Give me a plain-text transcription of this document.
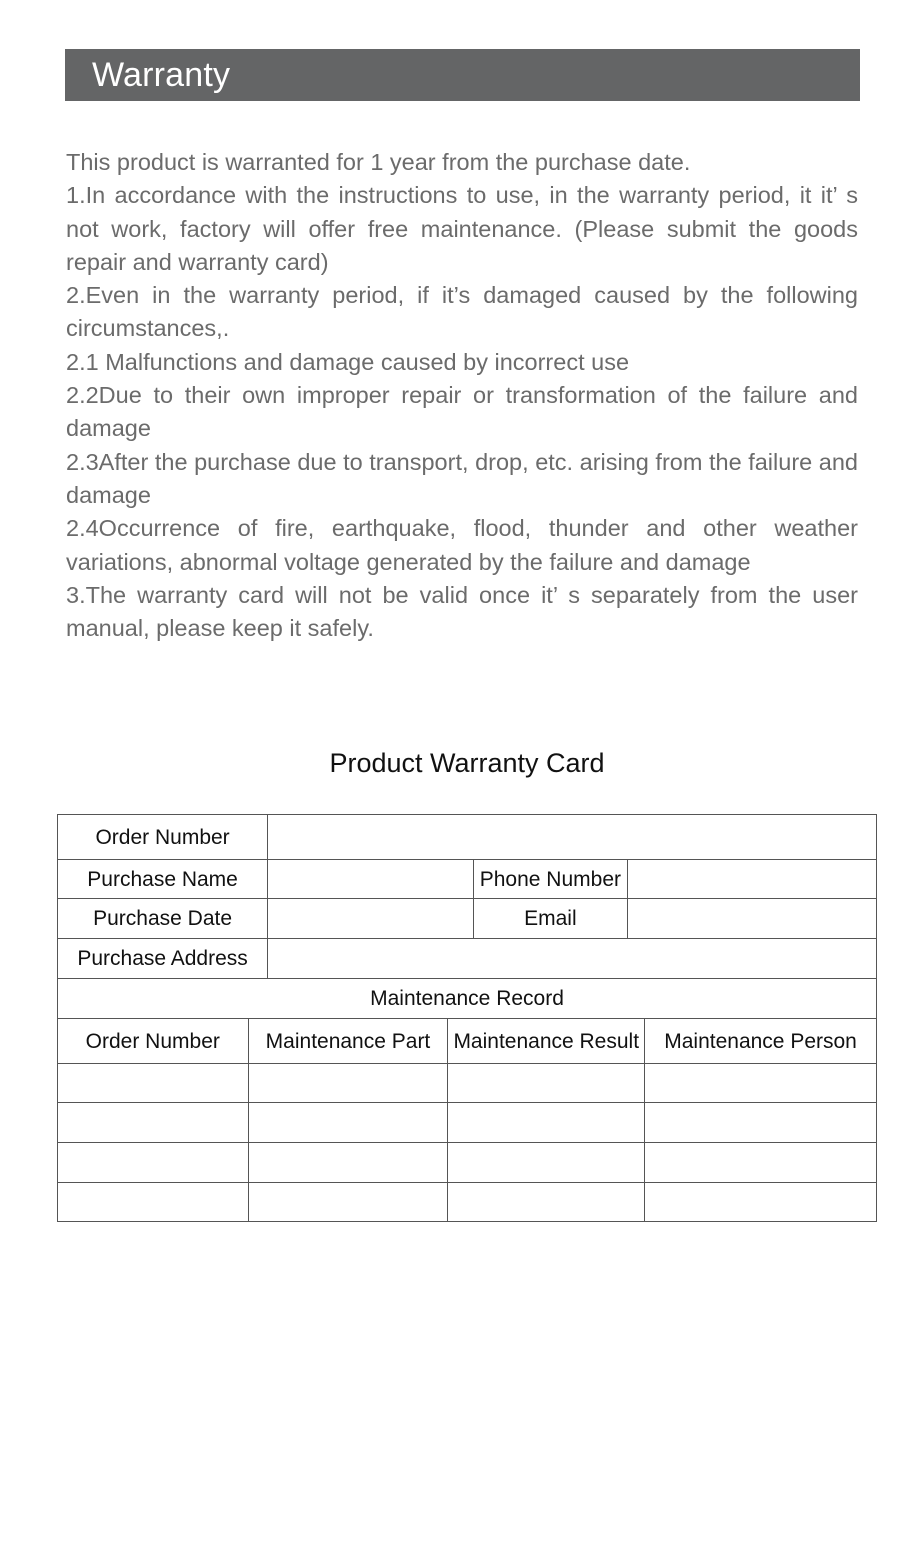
Warranty

This product is warranted for 1 year from the purchase date.

1.In accordance with the instructions to use, in the warranty period, it it’ s not work, factory will offer free maintenance. (Please submit the goods repair and warranty card)

2.Even in the warranty period, if it’s damaged caused by the following circumstances,.

2.1 Malfunctions and damage caused by incorrect use

2.2Due to their own improper repair or transformation of the failure and damage

2.3After the purchase due to transport, drop, etc. arising from the failure and damage

2.4Occurrence of fire, earthquake, flood, thunder and other weather variations, abnormal voltage generated by the failure and damage

3.The warranty card will not be valid once it’ s separately from the user manual, please keep it safely.

Product Warranty Card
Order Number						
Purchase Name				Phone Number		
Purchase Date				Email		
Purchase Address						
Maintenance Record						
Order Number	Maintenance Part		Maintenance Result			Maintenance Person
